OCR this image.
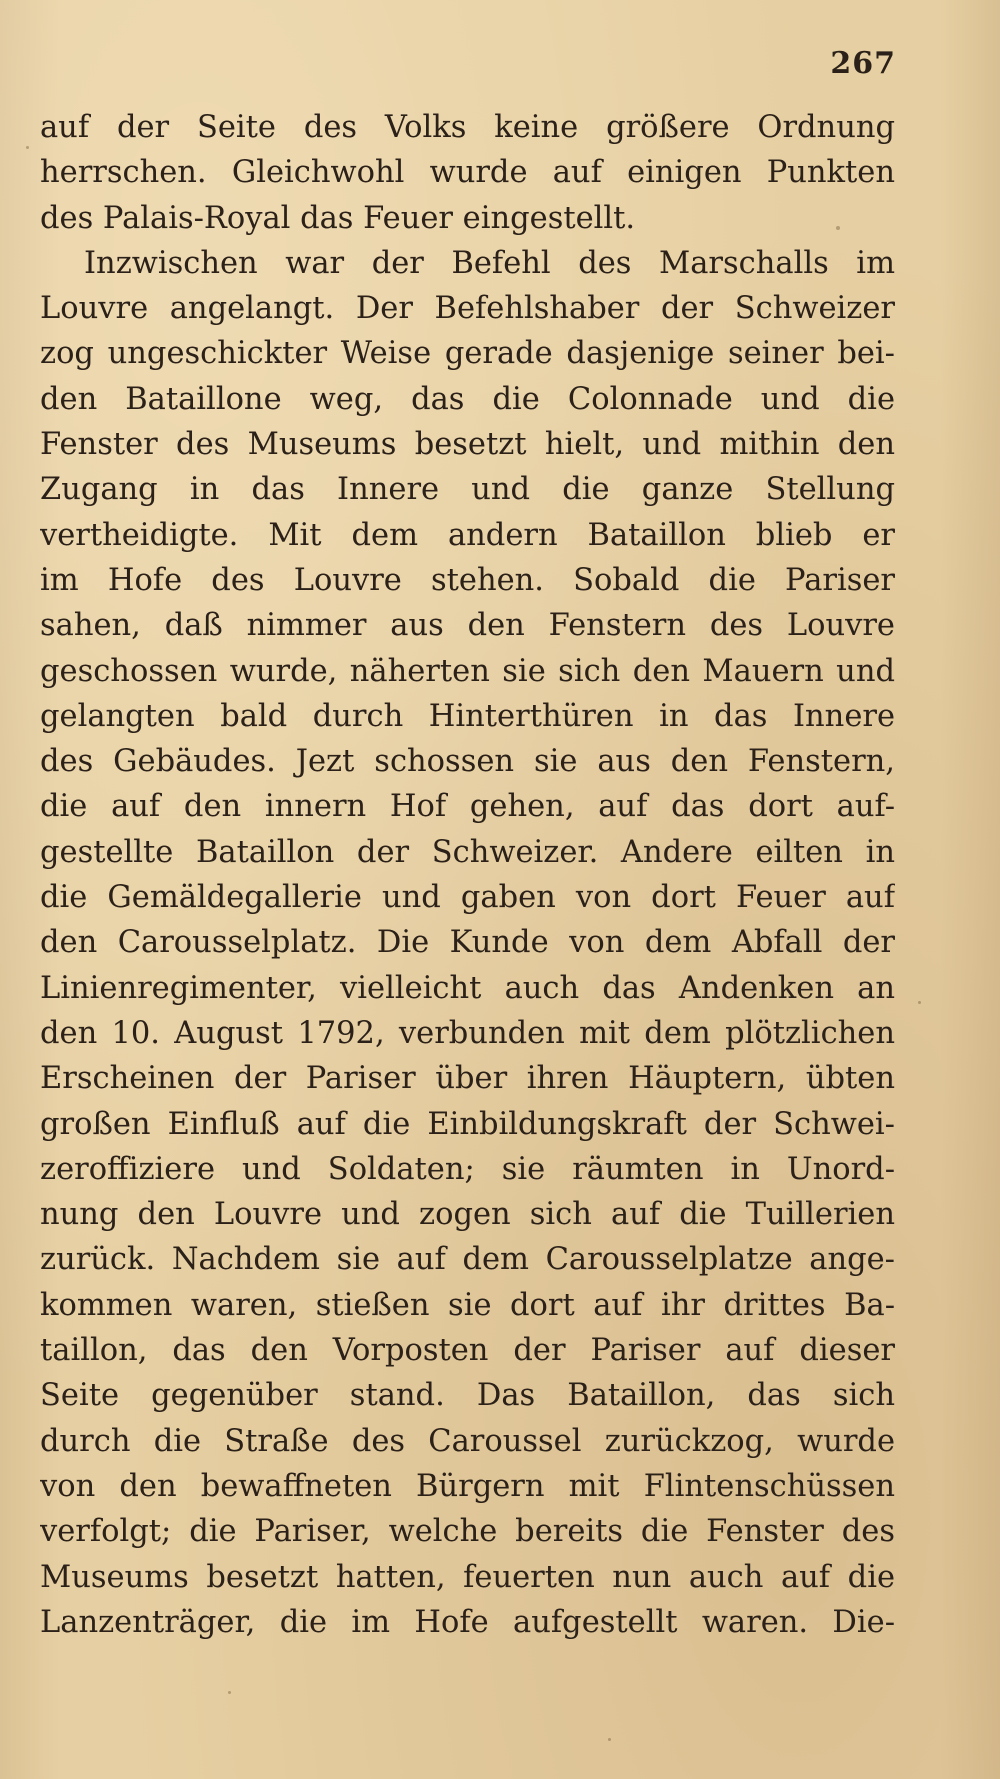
267
auf der Seite des Volks keine größere Ordnung
herrschen. Gleichwohl wurde auf einigen Punkten
des Palais-Royal das Feuer eingestellt.
Inzwischen war der Befehl des Marschalls im
Louvre angelangt. Der Befehlshaber der Schweizer
zog ungeschickter Weise gerade dasjenige seiner bei-
den Bataillone weg, das die Colonnade und die
Fenster des Museums besetzt hielt, und mithin den
Zugang in das Innere und die ganze Stellung
vertheidigte. Mit dem andern Bataillon blieb er
im Hofe des Louvre stehen. Sobald die Pariser
sahen, daß nimmer aus den Fenstern des Louvre
geschossen wurde, näherten sie sich den Mauern und
gelangten bald durch Hinterthüren in das Innere
des Gebäudes. Jezt schossen sie aus den Fenstern,
die auf den innern Hof gehen, auf das dort auf-
gestellte Bataillon der Schweizer. Andere eilten in
die Gemäldegallerie und gaben von dort Feuer auf
den Carousselplatz. Die Kunde von dem Abfall der
Linienregimenter, vielleicht auch das Andenken an
den 10. August 1792, verbunden mit dem plötzlichen
Erscheinen der Pariser über ihren Häuptern, übten
großen Einfluß auf die Einbildungskraft der Schwei-
zeroffiziere und Soldaten; sie räumten in Unord-
nung den Louvre und zogen sich auf die Tuillerien
zurück. Nachdem sie auf dem Carousselplatze ange-
kommen waren, stießen sie dort auf ihr drittes Ba-
taillon, das den Vorposten der Pariser auf dieser
Seite gegenüber stand. Das Bataillon, das sich
durch die Straße des Caroussel zurückzog, wurde
von den bewaffneten Bürgern mit Flintenschüssen
verfolgt; die Pariser, welche bereits die Fenster des
Museums besetzt hatten, feuerten nun auch auf die
Lanzenträger, die im Hofe aufgestellt waren. Die-
